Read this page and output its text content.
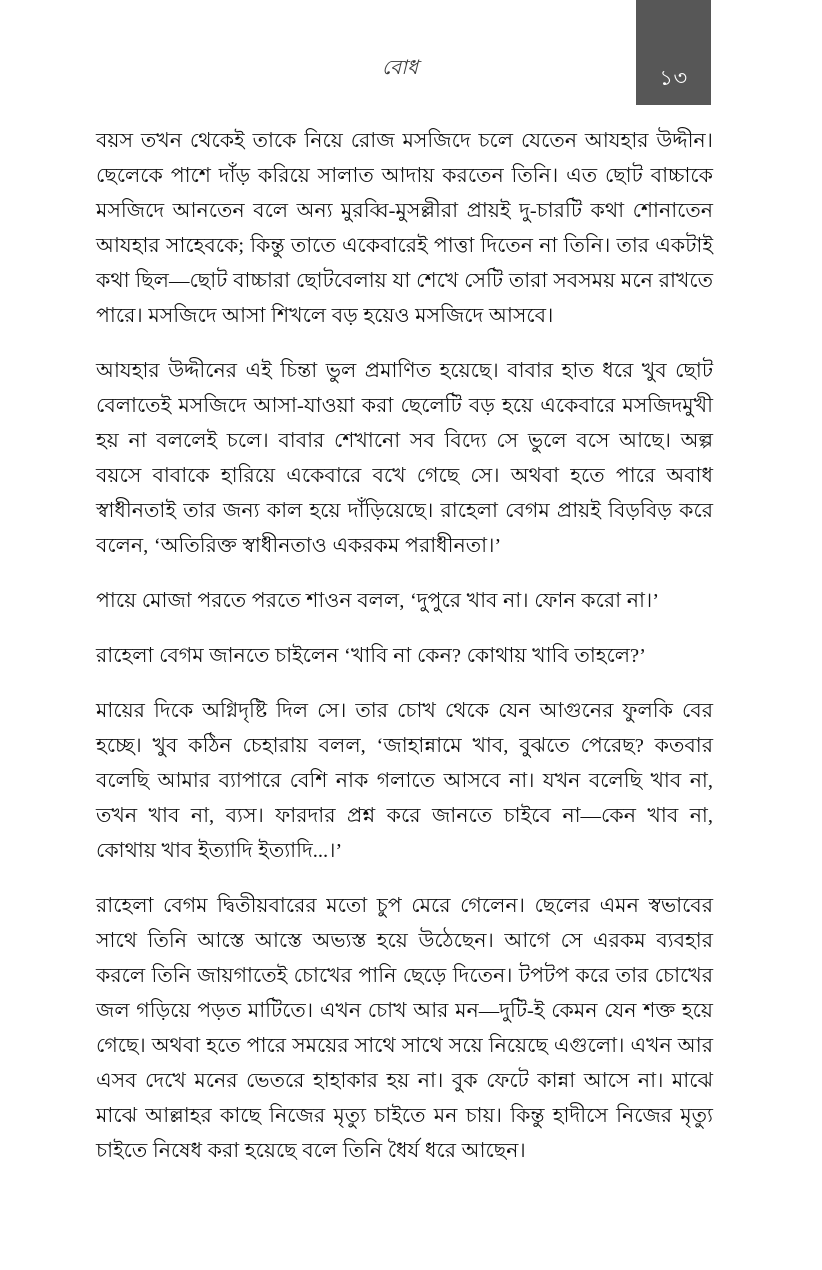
১৩
বোধ

বয়স তখন থেকেই তাকে নিয়ে রোজ মসজিদে চলে যেতেন আযহার উদ্দীন। ছেলেকে পাশে দাঁড় করিয়ে সালাত আদায় করতেন তিনি। এত ছোট বাচ্চাকে মসজিদে আনতেন বলে অন্য মুরব্বি-মুসল্লীরা প্রায়ই দু-চারটি কথা শোনাতেন আযহার সাহেবকে; কিন্তু তাতে একেবারেই পাত্তা দিতেন না তিনি। তার একটাই কথা ছিল—ছোট বাচ্চারা ছোটবেলায় যা শেখে সেটি তারা সবসময় মনে রাখতে পারে। মসজিদে আসা শিখলে বড় হয়েও মসজিদে আসবে।

আযহার উদ্দীনের এই চিন্তা ভুল প্রমাণিত হয়েছে। বাবার হাত ধরে খুব ছোট বেলাতেই মসজিদে আসা-যাওয়া করা ছেলেটি বড় হয়ে একেবারে মসজিদমুখী হয় না বললেই চলে। বাবার শেখানো সব বিদ্যে সে ভুলে বসে আছে। অল্প বয়সে বাবাকে হারিয়ে একেবারে বখে গেছে সে। অথবা হতে পারে অবাধ স্বাধীনতাই তার জন্য কাল হয়ে দাঁড়িয়েছে। রাহেলা বেগম প্রায়ই বিড়বিড় করে বলেন, ‘অতিরিক্ত স্বাধীনতাও একরকম পরাধীনতা।’

পায়ে মোজা পরতে পরতে শাওন বলল, ‘দুপুরে খাব না। ফোন করো না।’

রাহেলা বেগম জানতে চাইলেন ‘খাবি না কেন? কোথায় খাবি তাহলে?’

মায়ের দিকে অগ্নিদৃষ্টি দিল সে। তার চোখ থেকে যেন আগুনের ফুলকি বের হচ্ছে। খুব কঠিন চেহারায় বলল, ‘জাহান্নামে খাব, বুঝতে পেরেছ? কতবার বলেছি আমার ব্যাপারে বেশি নাক গলাতে আসবে না। যখন বলেছি খাব না, তখন খাব না, ব্যস। ফারদার প্রশ্ন করে জানতে চাইবে না—কেন খাব না, কোথায় খাব ইত্যাদি ইত্যাদি...।’

রাহেলা বেগম দ্বিতীয়বারের মতো চুপ মেরে গেলেন। ছেলের এমন স্বভাবের সাথে তিনি আস্তে আস্তে অভ্যস্ত হয়ে উঠেছেন। আগে সে এরকম ব্যবহার করলে তিনি জায়গাতেই চোখের পানি ছেড়ে দিতেন। টপটপ করে তার চোখের জল গড়িয়ে পড়ত মাটিতে। এখন চোখ আর মন—দুটি-ই কেমন যেন শক্ত হয়ে গেছে। অথবা হতে পারে সময়ের সাথে সাথে সয়ে নিয়েছে এগুলো। এখন আর এসব দেখে মনের ভেতরে হাহাকার হয় না। বুক ফেটে কান্না আসে না। মাঝে মাঝে আল্লাহর কাছে নিজের মৃত্যু চাইতে মন চায়। কিন্তু হাদীসে নিজের মৃত্যু চাইতে নিষেধ করা হয়েছে বলে তিনি ধৈর্য ধরে আছেন।
